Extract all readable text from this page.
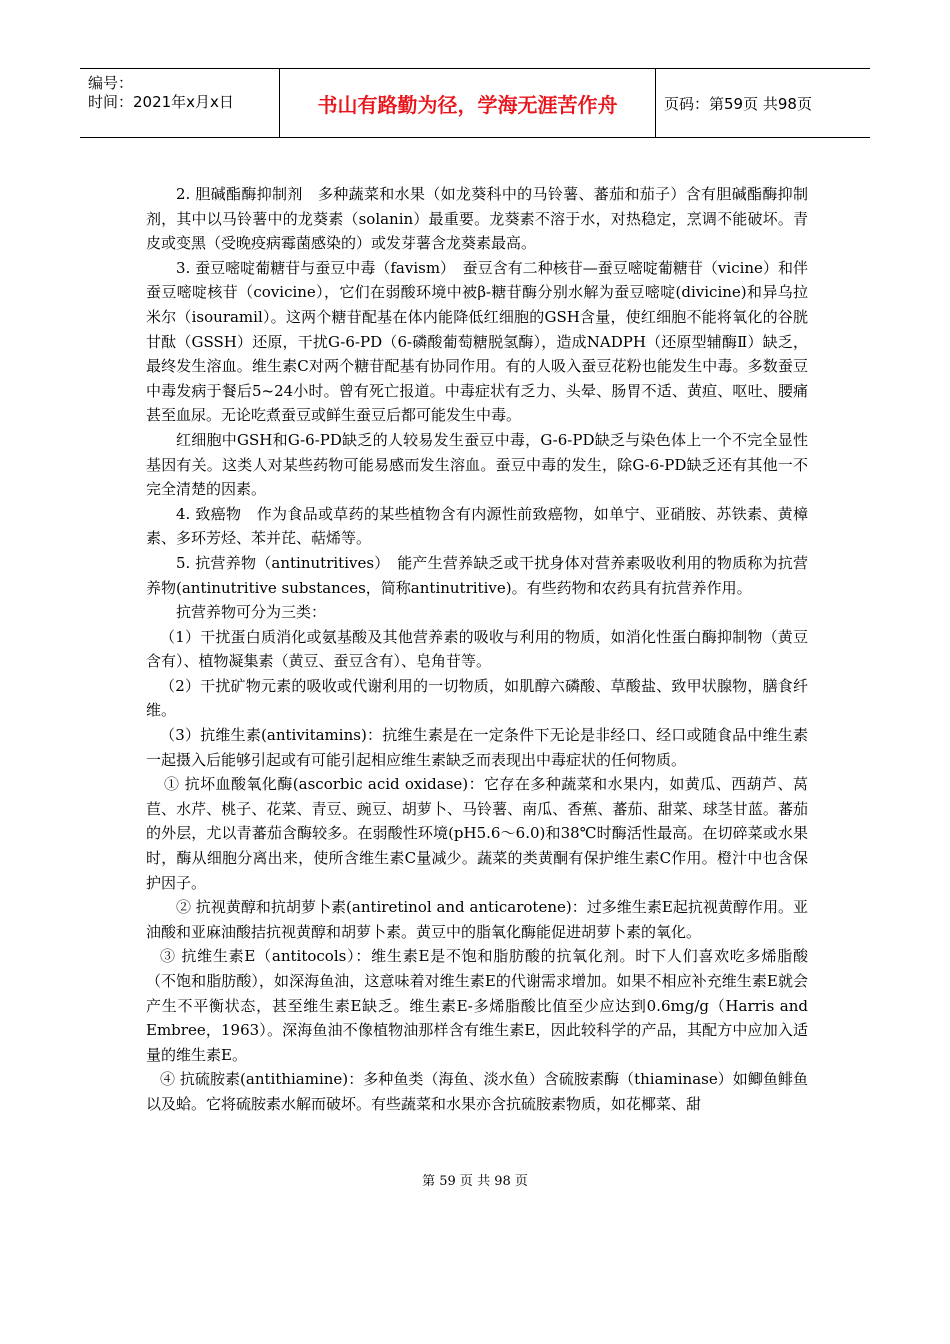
编号：
时间：2021年x月x日	书山有路勤为径，学海无涯苦作舟	页码：第59页 共98页

2. 胆碱酯酶抑制剂　多种蔬菜和水果（如龙葵科中的马铃薯、蕃茄和茄子）含有胆碱酯酶抑制剂，其中以马铃薯中的龙葵素（solanin）最重要。龙葵素不溶于水，对热稳定，烹调不能破坏。青皮或变黑（受晚疫病霉菌感染的）或发芽薯含龙葵素最高。

3. 蚕豆嘧啶葡糖苷与蚕豆中毒（favism）　蚕豆含有二种核苷—蚕豆嘧啶葡糖苷（vicine）和伴蚕豆嘧啶核苷（covicine），它们在弱酸环境中被β-糖苷酶分别水解为蚕豆嘧啶(divicine)和异乌拉米尔（isouramil）。这两个糖苷配基在体内能降低红细胞的GSH含量，使红细胞不能将氧化的谷胱甘酞（GSSH）还原，干扰G-6-PD（6-磷酸葡萄糖脱氢酶），造成NADPH（还原型辅酶Ⅱ）缺乏，最终发生溶血。维生素C对两个糖苷配基有协同作用。有的人吸入蚕豆花粉也能发生中毒。多数蚕豆中毒发病于餐后5~24小时。曾有死亡报道。中毒症状有乏力、头晕、肠胃不适、黄疸、呕吐、腰痛甚至血尿。无论吃煮蚕豆或鲜生蚕豆后都可能发生中毒。

红细胞中GSH和G-6-PD缺乏的人较易发生蚕豆中毒，G-6-PD缺乏与染色体上一个不完全显性基因有关。这类人对某些药物可能易感而发生溶血。蚕豆中毒的发生，除G-6-PD缺乏还有其他一不完全清楚的因素。

4. 致癌物　作为食品或草药的某些植物含有内源性前致癌物，如单宁、亚硝胺、苏铁素、黄樟素、多环芳烃、苯并芘、萜烯等。

5. 抗营养物（antinutritives）　能产生营养缺乏或干扰身体对营养素吸收利用的物质称为抗营养物(antinutritive substances，简称antinutritive)。有些药物和农药具有抗营养作用。

抗营养物可分为三类：

（1）干扰蛋白质消化或氨基酸及其他营养素的吸收与利用的物质，如消化性蛋白酶抑制物（黄豆含有）、植物凝集素（黄豆、蚕豆含有）、皂角苷等。

（2）干扰矿物元素的吸收或代谢利用的一切物质，如肌醇六磷酸、草酸盐、致甲状腺物，膳食纤维。

（3）抗维生素(antivitamins)：抗维生素是在一定条件下无论是非经口、经口或随食品中维生素一起摄入后能够引起或有可能引起相应维生素缺乏而表现出中毒症状的任何物质。

① 抗坏血酸氧化酶(ascorbic acid oxidase)：它存在多种蔬菜和水果内，如黄瓜、西葫芦、莴苣、水芹、桃子、花菜、青豆、豌豆、胡萝卜、马铃薯、南瓜、香蕉、蕃茄、甜菜、球茎甘蓝。蕃茄的外层，尤以青蕃茄含酶较多。在弱酸性环境(pH5.6～6.0)和38℃时酶活性最高。在切碎菜或水果时，酶从细胞分离出来，使所含维生素C量减少。蔬菜的类黄酮有保护维生素C作用。橙汁中也含保护因子。

② 抗视黄醇和抗胡萝卜素(antiretinol and anticarotene)：过多维生素E起抗视黄醇作用。亚油酸和亚麻油酸拮抗视黄醇和胡萝卜素。黄豆中的脂氧化酶能促进胡萝卜素的氧化。

③ 抗维生素E（antitocols）：维生素E是不饱和脂肪酸的抗氧化剂。时下人们喜欢吃多烯脂酸（不饱和脂肪酸），如深海鱼油，这意味着对维生素E的代谢需求增加。如果不相应补充维生素E就会产生不平衡状态，甚至维生素E缺乏。维生素E-多烯脂酸比值至少应达到0.6mg/g（Harris and Embree，1963）。深海鱼油不像植物油那样含有维生素E，因此较科学的产品，其配方中应加入适量的维生素E。

④ 抗硫胺素(antithiamine)：多种鱼类（海鱼、淡水鱼）含硫胺素酶（thiaminase）如鲫鱼鲱鱼以及蛤。它将硫胺素水解而破坏。有些蔬菜和水果亦含抗硫胺素物质，如花椰菜、甜

第 59 页 共 98 页
